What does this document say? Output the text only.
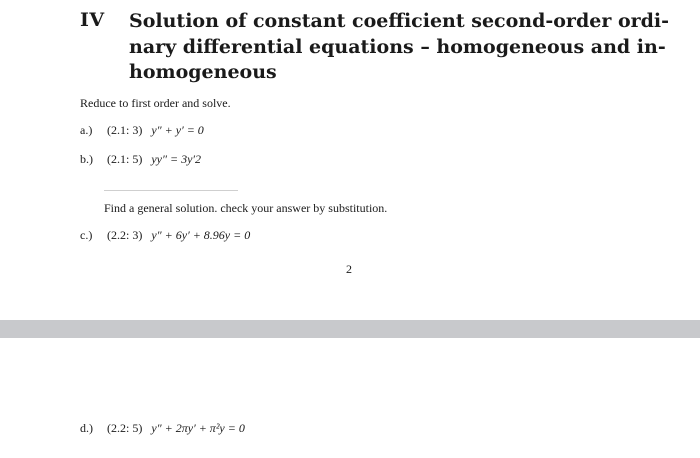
IV Solution of constant coefficient second-order ordi-
nary differential equations – homogeneous and in-
homogeneous
Reduce to first order and solve.
a.) (2.1: 3) y″ + y′ = 0
b.) (2.1: 5) yy″ = 3y′2
Find a general solution. check your answer by substitution.
c.) (2.2: 3) y″ + 6y′ + 8.96y = 0
2
d.) (2.2: 5) y″ + 2πy′ + π²y = 0
